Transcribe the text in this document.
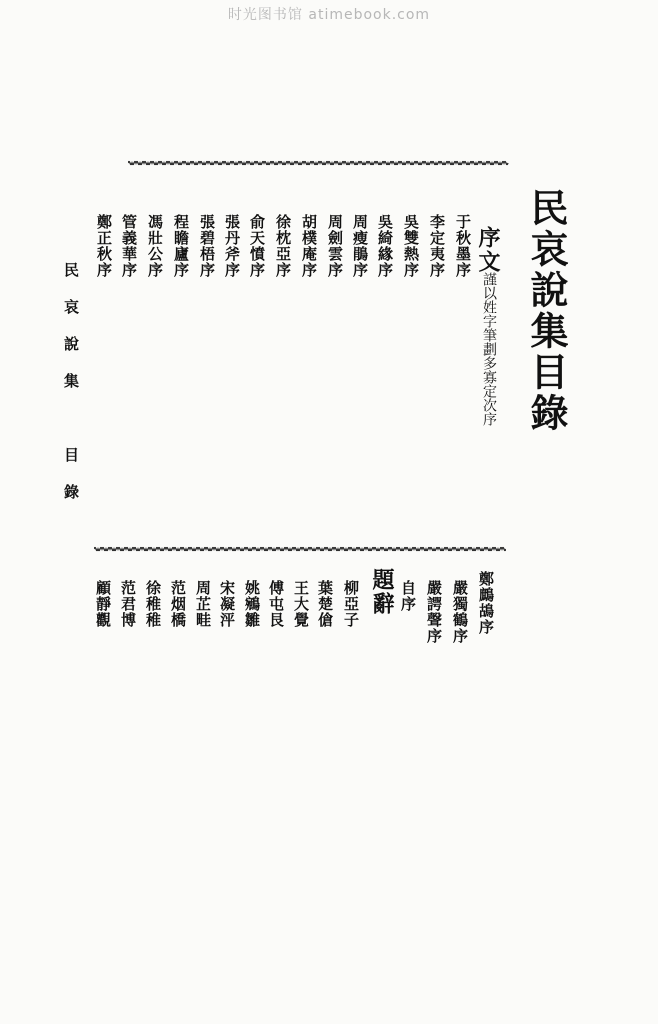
时光图书馆 atimebook.com
民哀說集目錄
序文
謹以姓字筆劃多寡定次序
于秋墨序
李定夷序
吳雙熱序
吳綺緣序
周瘦鵑序
周劍雲序
胡樸庵序
徐枕亞序
俞天憤序
張丹斧序
張碧梧序
程瞻廬序
馮壯公序
管義華序
鄭正秋序
民哀說集　目錄
鄭鷓鴣序
嚴獨鶴序
嚴諤聲序
自序
題辭
柳亞子
葉楚傖
王大覺
傅屯艮
姚鵷雛
宋凝泙
周芷畦
范烟橋
徐稚稚
范君博
顧靜觀
